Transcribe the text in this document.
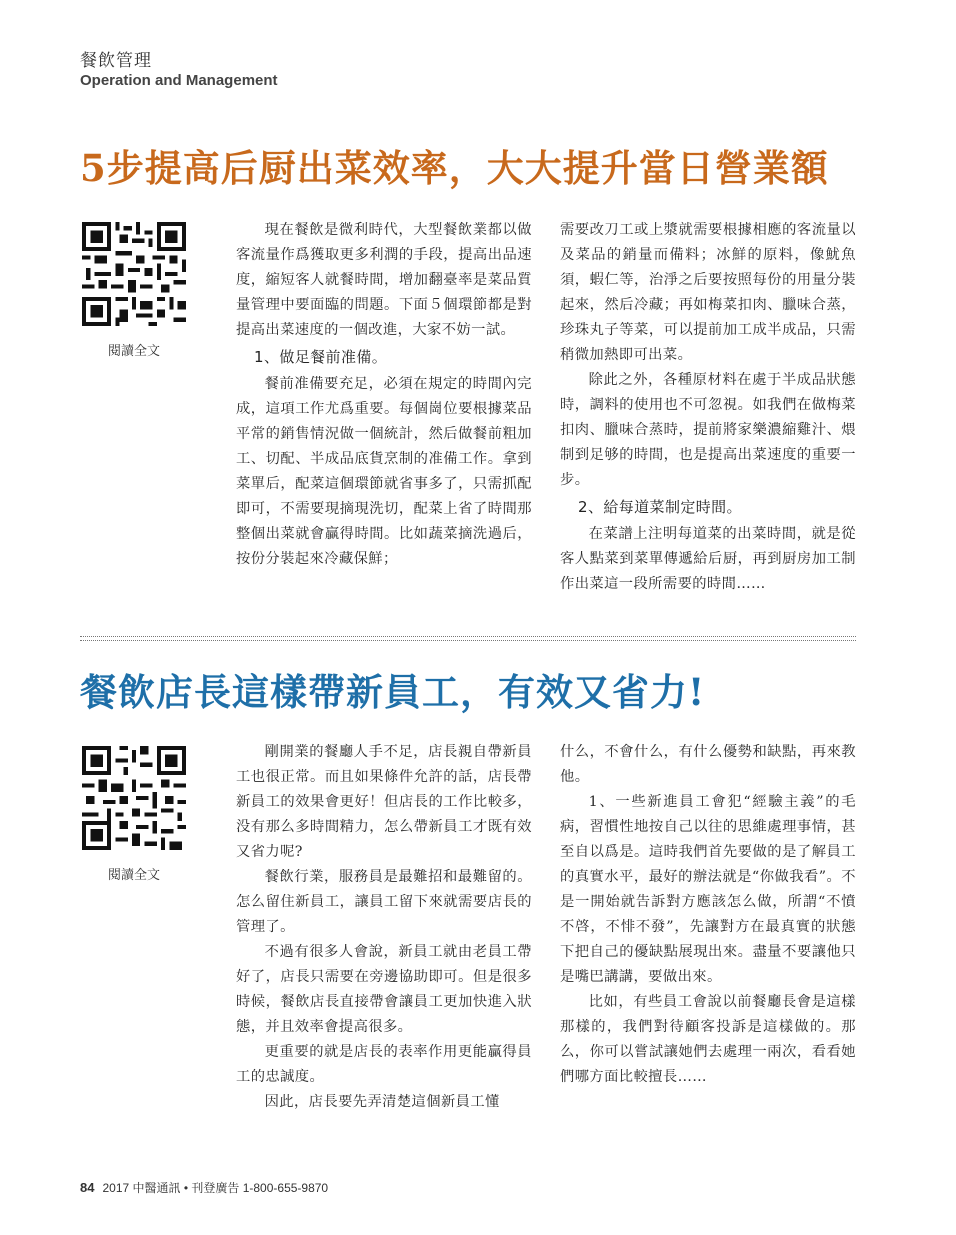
餐飲管理
Operation and Management
5步提高后厨出菜效率，大大提升當日營業額
閱讀全文

現在餐飲是微利時代，大型餐飲業都以做客流量作爲獲取更多利潤的手段，提高出品速度，縮短客人就餐時間，增加翻臺率是菜品質量管理中要面臨的問題。下面５個環節都是對提高出菜速度的一個改進，大家不妨一試。

1、做足餐前准備。

餐前准備要充足，必須在規定的時間內完成，這項工作尤爲重要。每個崗位要根據菜品平常的銷售情況做一個統計，然后做餐前粗加工、切配、半成品底貨烹制的准備工作。拿到菜單后，配菜這個環節就省事多了，只需抓配即可，不需要現摘現洗切，配菜上省了時間那整個出菜就會贏得時間。比如蔬菜摘洗過后，按份分裝起來冷藏保鮮；

需要改刀工或上漿就需要根據相應的客流量以及菜品的銷量而備料；冰鮮的原料，像魷魚須，蝦仁等，治淨之后要按照每份的用量分裝起來，然后冷藏；再如梅菜扣肉、臘味合蒸，珍珠丸子等菜，可以提前加工成半成品，只需稍微加熱即可出菜。

除此之外，各種原材料在處于半成品狀態時，調料的使用也不可忽視。如我們在做梅菜扣肉、臘味合蒸時，提前將家樂濃縮雞汁、煨制到足够的時間，也是提高出菜速度的重要一步。

2、給每道菜制定時間。

在菜譜上注明每道菜的出菜時間，就是從客人點菜到菜單傳遞給后厨，再到厨房加工制作出菜這一段所需要的時間……

餐飲店長這樣帶新員工，有效又省力!
閱讀全文

剛開業的餐廳人手不足，店長親自帶新員工也很正常。而且如果條件允許的話，店長帶新員工的效果會更好！但店長的工作比較多，没有那么多時間精力，怎么帶新員工才既有效又省力呢?

餐飲行業，服務員是最難招和最難留的。怎么留住新員工，讓員工留下來就需要店長的管理了。

不過有很多人會說，新員工就由老員工帶好了，店長只需要在旁邊協助即可。但是很多時候，餐飲店長直接帶會讓員工更加快進入狀態，并且效率會提高很多。

更重要的就是店長的表率作用更能贏得員工的忠誠度。

因此，店長要先弄清楚這個新員工懂

什么，不會什么，有什么優勢和缺點，再來教他。

1、一些新進員工會犯“經驗主義”的毛病，習慣性地按自己以往的思維處理事情，甚至自以爲是。這時我們首先要做的是了解員工的真實水平，最好的辦法就是“你做我看”。不是一開始就告訴對方應該怎么做，所謂“不憤不啓，不悱不發”，先讓對方在最真實的狀態下把自己的優缺點展現出來。盡量不要讓他只是嘴巴講講，要做出來。

比如，有些員工會說以前餐廳長會是這樣那樣的，我們對待顧客投訴是這樣做的。那么，你可以嘗試讓她們去處理一兩次，看看她們哪方面比較擅長……

84 2017 中醫通訊 • 刊登廣告 1-800-655-9870
